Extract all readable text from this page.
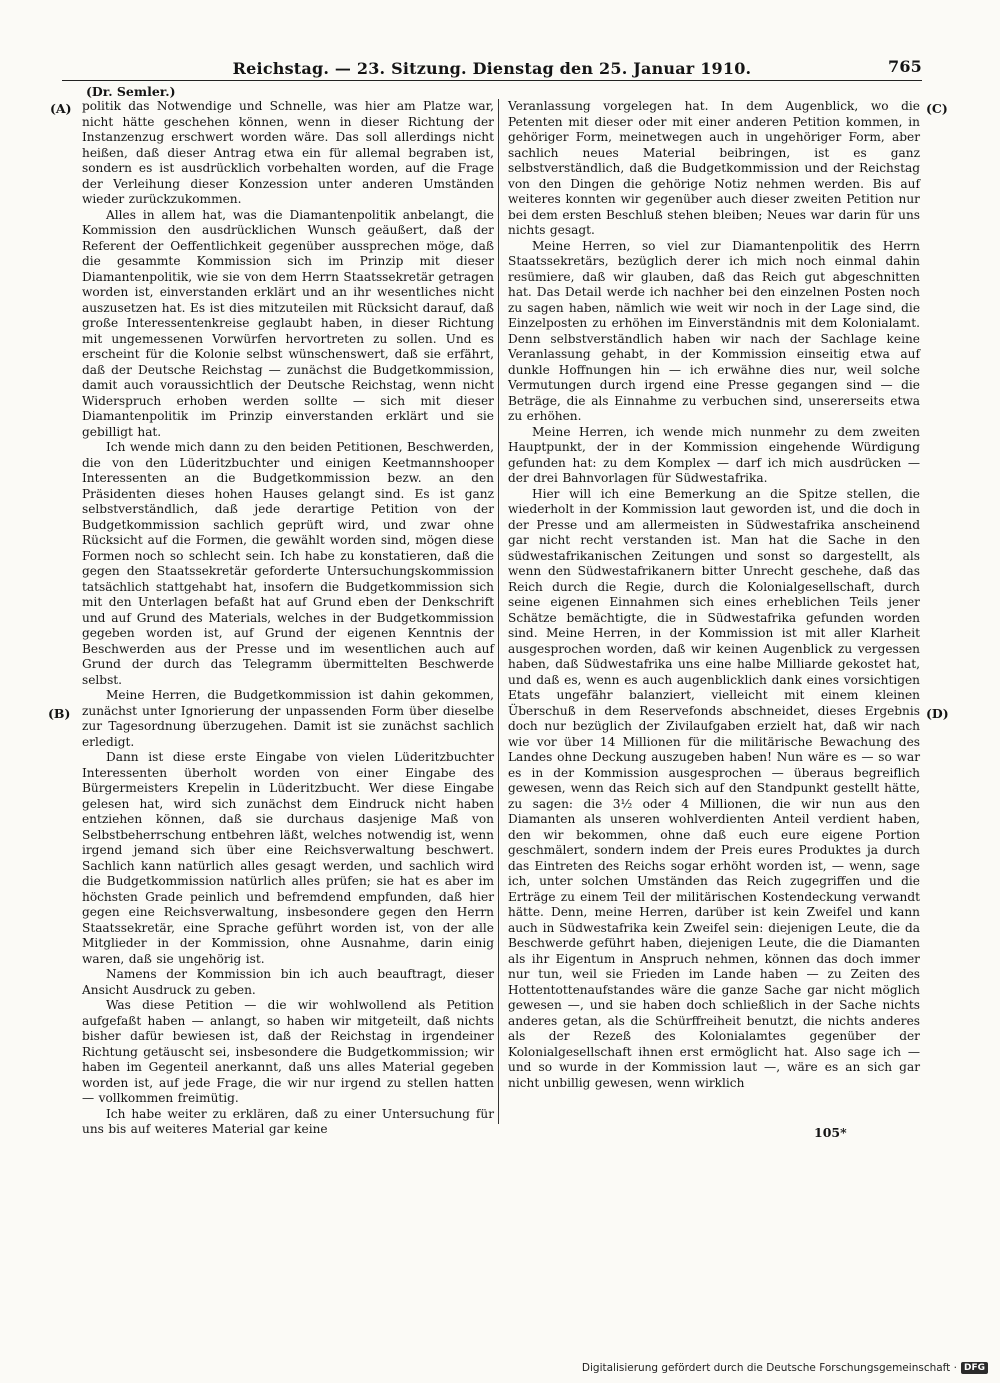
Reichstag. — 23. Sitzung. Dienstag den 25. Januar 1910.	765
(Dr. Semler.)
(A)
(B)
(C)
(D)

politik das Notwendige und Schnelle, was hier am Platze war, nicht hätte geschehen können, wenn in dieser Richtung der Instanzenzug erschwert worden wäre. Das soll allerdings nicht heißen, daß dieser Antrag etwa ein für allemal begraben ist, sondern es ist ausdrücklich vorbehalten worden, auf die Frage der Verleihung dieser Konzession unter anderen Umständen wieder zurückzukommen.

Alles in allem hat, was die Diamantenpolitik anbelangt, die Kommission den ausdrücklichen Wunsch geäußert, daß der Referent der Oeffentlichkeit gegenüber aussprechen möge, daß die gesammte Kommission sich im Prinzip mit dieser Diamantenpolitik, wie sie von dem Herrn Staatssekretär getragen worden ist, einverstanden erklärt und an ihr wesentliches nicht auszusetzen hat. Es ist dies mitzuteilen mit Rücksicht darauf, daß große Interessentenkreise geglaubt haben, in dieser Richtung mit ungemessenen Vorwürfen hervortreten zu sollen. Und es erscheint für die Kolonie selbst wünschenswert, daß sie erfährt, daß der Deutsche Reichstag — zunächst die Budgetkommission, damit auch voraussichtlich der Deutsche Reichstag, wenn nicht Widerspruch erhoben werden sollte — sich mit dieser Diamantenpolitik im Prinzip einverstanden erklärt und sie gebilligt hat.

Ich wende mich dann zu den beiden Petitionen, Beschwerden, die von den Lüderitzbuchter und einigen Keetmannshooper Interessenten an die Budgetkommission bezw. an den Präsidenten dieses hohen Hauses gelangt sind. Es ist ganz selbstverständlich, daß jede derartige Petition von der Budgetkommission sachlich geprüft wird, und zwar ohne Rücksicht auf die Formen, die gewählt worden sind, mögen diese Formen noch so schlecht sein. Ich habe zu konstatieren, daß die gegen den Staatssekretär geforderte Untersuchungskommission tatsächlich stattgehabt hat, insofern die Budgetkommission sich mit den Unterlagen befaßt hat auf Grund eben der Denkschrift und auf Grund des Materials, welches in der Budgetkommission gegeben worden ist, auf Grund der eigenen Kenntnis der Beschwerden aus der Presse und im wesentlichen auch auf Grund der durch das Telegramm übermittelten Beschwerde selbst.

Meine Herren, die Budgetkommission ist dahin gekommen, zunächst unter Ignorierung der unpassenden Form über dieselbe zur Tagesordnung überzugehen. Damit ist sie zunächst sachlich erledigt.

Dann ist diese erste Eingabe von vielen Lüderitzbuchter Interessenten überholt worden von einer Eingabe des Bürgermeisters Krepelin in Lüderitzbucht. Wer diese Eingabe gelesen hat, wird sich zunächst dem Eindruck nicht haben entziehen können, daß sie durchaus dasjenige Maß von Selbstbeherrschung entbehren läßt, welches notwendig ist, wenn irgend jemand sich über eine Reichsverwaltung beschwert. Sachlich kann natürlich alles gesagt werden, und sachlich wird die Budgetkommission natürlich alles prüfen; sie hat es aber im höchsten Grade peinlich und befremdend empfunden, daß hier gegen eine Reichsverwaltung, insbesondere gegen den Herrn Staatssekretär, eine Sprache geführt worden ist, von der alle Mitglieder in der Kommission, ohne Ausnahme, darin einig waren, daß sie ungehörig ist.

Namens der Kommission bin ich auch beauftragt, dieser Ansicht Ausdruck zu geben.

Was diese Petition — die wir wohlwollend als Petition aufgefaßt haben — anlangt, so haben wir mitgeteilt, daß nichts bisher dafür bewiesen ist, daß der Reichstag in irgendeiner Richtung getäuscht sei, insbesondere die Budgetkommission; wir haben im Gegenteil anerkannt, daß uns alles Material gegeben worden ist, auf jede Frage, die wir nur irgend zu stellen hatten — vollkommen freimütig.

Ich habe weiter zu erklären, daß zu einer Untersuchung für uns bis auf weiteres Material gar keine

Veranlassung vorgelegen hat. In dem Augenblick, wo die Petenten mit dieser oder mit einer anderen Petition kommen, in gehöriger Form, meinetwegen auch in ungehöriger Form, aber sachlich neues Material beibringen, ist es ganz selbstverständlich, daß die Budgetkommission und der Reichstag von den Dingen die gehörige Notiz nehmen werden. Bis auf weiteres konnten wir gegenüber auch dieser zweiten Petition nur bei dem ersten Beschluß stehen bleiben; Neues war darin für uns nichts gesagt.

Meine Herren, so viel zur Diamantenpolitik des Herrn Staatssekretärs, bezüglich derer ich mich noch einmal dahin resümiere, daß wir glauben, daß das Reich gut abgeschnitten hat. Das Detail werde ich nachher bei den einzelnen Posten noch zu sagen haben, nämlich wie weit wir noch in der Lage sind, die Einzelposten zu erhöhen im Einverständnis mit dem Kolonialamt. Denn selbstverständlich haben wir nach der Sachlage keine Veranlassung gehabt, in der Kommission einseitig etwa auf dunkle Hoffnungen hin — ich erwähne dies nur, weil solche Vermutungen durch irgend eine Presse gegangen sind — die Beträge, die als Einnahme zu verbuchen sind, unsererseits etwa zu erhöhen.

Meine Herren, ich wende mich nunmehr zu dem zweiten Hauptpunkt, der in der Kommission eingehende Würdigung gefunden hat: zu dem Komplex — darf ich mich ausdrücken — der drei Bahnvorlagen für Südwestafrika.

Hier will ich eine Bemerkung an die Spitze stellen, die wiederholt in der Kommission laut geworden ist, und die doch in der Presse und am allermeisten in Südwestafrika anscheinend gar nicht recht verstanden ist. Man hat die Sache in den südwestafrikanischen Zeitungen und sonst so dargestellt, als wenn den Südwestafrikanern bitter Unrecht geschehe, daß das Reich durch die Regie, durch die Kolonialgesellschaft, durch seine eigenen Einnahmen sich eines erheblichen Teils jener Schätze bemächtigte, die in Südwestafrika gefunden worden sind. Meine Herren, in der Kommission ist mit aller Klarheit ausgesprochen worden, daß wir keinen Augenblick zu vergessen haben, daß Südwestafrika uns eine halbe Milliarde gekostet hat, und daß es, wenn es auch augenblicklich dank eines vorsichtigen Etats ungefähr balanziert, vielleicht mit einem kleinen Überschuß in dem Reservefonds abschneidet, dieses Ergebnis doch nur bezüglich der Zivilaufgaben erzielt hat, daß wir nach wie vor über 14 Millionen für die militärische Bewachung des Landes ohne Deckung auszugeben haben! Nun wäre es — so war es in der Kommission ausgesprochen — überaus begreiflich gewesen, wenn das Reich sich auf den Standpunkt gestellt hätte, zu sagen: die 3½ oder 4 Millionen, die wir nun aus den Diamanten als unseren wohlverdienten Anteil verdient haben, den wir bekommen, ohne daß euch eure eigene Portion geschmälert, sondern indem der Preis eures Produktes ja durch das Eintreten des Reichs sogar erhöht worden ist, — wenn, sage ich, unter solchen Umständen das Reich zugegriffen und die Erträge zu einem Teil der militärischen Kostendeckung verwandt hätte. Denn, meine Herren, darüber ist kein Zweifel und kann auch in Südwestafrika kein Zweifel sein: diejenigen Leute, die da Beschwerde geführt haben, diejenigen Leute, die die Diamanten als ihr Eigentum in Anspruch nehmen, können das doch immer nur tun, weil sie Frieden im Lande haben — zu Zeiten des Hottentottenaufstandes wäre die ganze Sache gar nicht möglich gewesen —, und sie haben doch schließlich in der Sache nichts anderes getan, als die Schürffreiheit benutzt, die nichts anderes als der Rezeß des Kolonialamtes gegenüber der Kolonialgesellschaft ihnen erst ermöglicht hat. Also sage ich — und so wurde in der Kommission laut —, wäre es an sich gar nicht unbillig gewesen, wenn wirklich

105*
Digitalisierung gefördert durch die Deutsche Forschungsgemeinschaft · DFG
